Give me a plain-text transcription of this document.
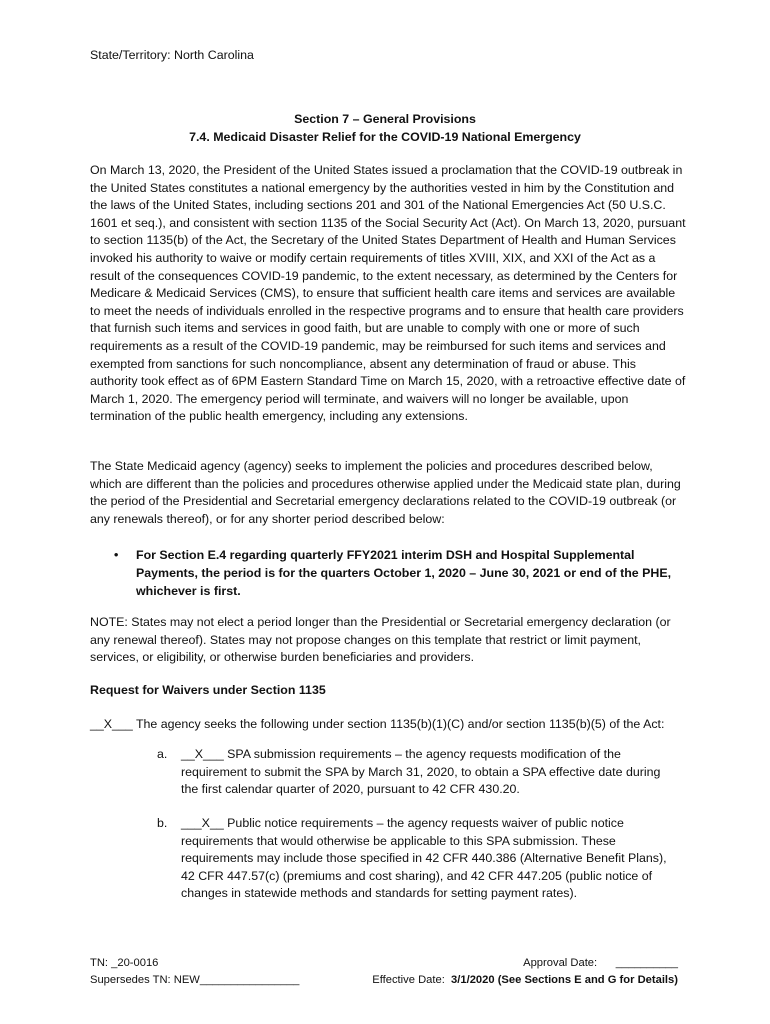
State/Territory: North Carolina
Section 7 – General Provisions
7.4. Medicaid Disaster Relief for the COVID-19 National Emergency

On March 13, 2020, the President of the United States issued a proclamation that the COVID-19 outbreak in the United States constitutes a national emergency by the authorities vested in him by the Constitution and the laws of the United States, including sections 201 and 301 of the National Emergencies Act (50 U.S.C. 1601 et seq.), and consistent with section 1135 of the Social Security Act (Act). On March 13, 2020, pursuant to section 1135(b) of the Act, the Secretary of the United States Department of Health and Human Services invoked his authority to waive or modify certain requirements of titles XVIII, XIX, and XXI of the Act as a result of the consequences COVID-19 pandemic, to the extent necessary, as determined by the Centers for Medicare & Medicaid Services (CMS), to ensure that sufficient health care items and services are available to meet the needs of individuals enrolled in the respective programs and to ensure that health care providers that furnish such items and services in good faith, but are unable to comply with one or more of such requirements as a result of the COVID-19 pandemic, may be reimbursed for such items and services and exempted from sanctions for such noncompliance, absent any determination of fraud or abuse. This authority took effect as of 6PM Eastern Standard Time on March 15, 2020, with a retroactive effective date of March 1, 2020. The emergency period will terminate, and waivers will no longer be available, upon termination of the public health emergency, including any extensions.

The State Medicaid agency (agency) seeks to implement the policies and procedures described below, which are different than the policies and procedures otherwise applied under the Medicaid state plan, during the period of the Presidential and Secretarial emergency declarations related to the COVID-19 outbreak (or any renewals thereof), or for any shorter period described below:

• For Section E.4 regarding quarterly FFY2021 interim DSH and Hospital Supplemental Payments, the period is for the quarters October 1, 2020 – June 30, 2021 or end of the PHE, whichever is first.

NOTE: States may not elect a period longer than the Presidential or Secretarial emergency declaration (or any renewal thereof). States may not propose changes on this template that restrict or limit payment, services, or eligibility, or otherwise burden beneficiaries and providers.

Request for Waivers under Section 1135
__X___ The agency seeks the following under section 1135(b)(1)(C) and/or section 1135(b)(5) of the Act:
a. __X___ SPA submission requirements – the agency requests modification of the requirement to submit the SPA by March 31, 2020, to obtain a SPA effective date during the first calendar quarter of 2020, pursuant to 42 CFR 430.20.
b. ___X__ Public notice requirements – the agency requests waiver of public notice requirements that would otherwise be applicable to this SPA submission. These requirements may include those specified in 42 CFR 440.386 (Alternative Benefit Plans), 42 CFR 447.57(c) (premiums and cost sharing), and 42 CFR 447.205 (public notice of changes in statewide methods and standards for setting payment rates).
TN: _20-0016
Supersedes TN: NEW________________
Approval Date:      __________
Effective Date:  3/1/2020 (See Sections E and G for Details)
